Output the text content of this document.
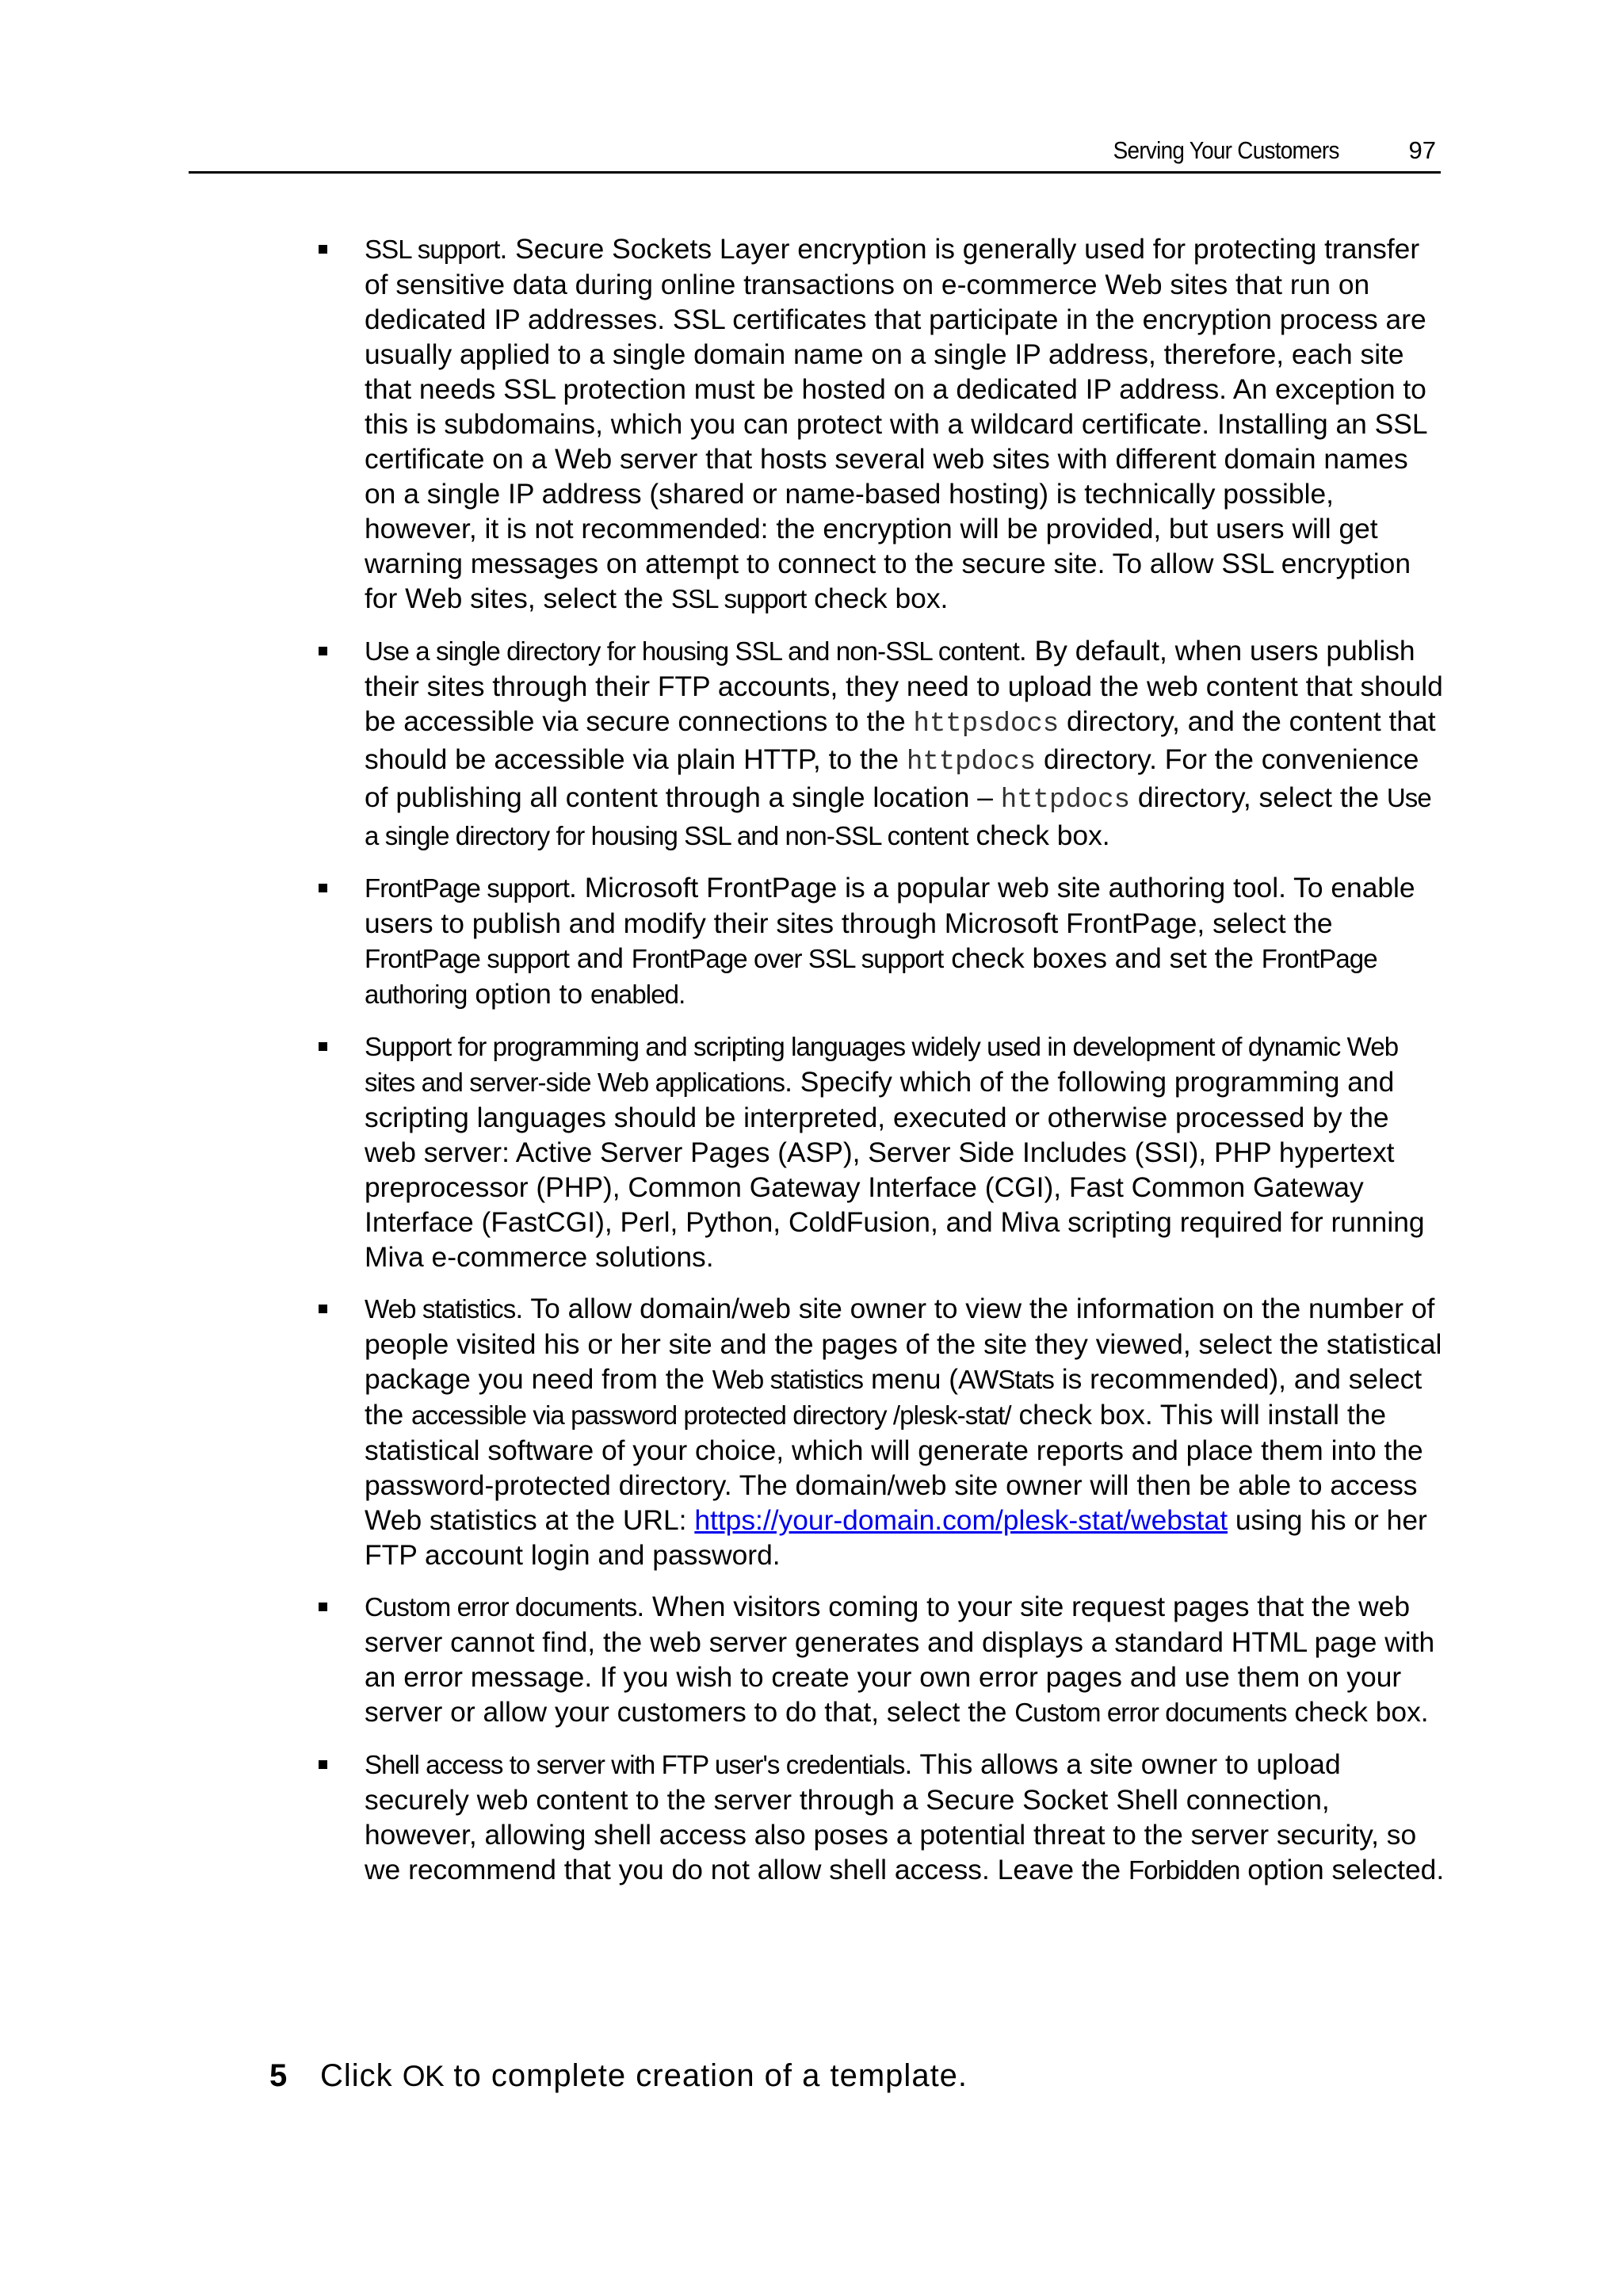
Serving Your Customers	97
SSL support. Secure Sockets Layer encryption is generally used for protecting transfer of sensitive data during online transactions on e-commerce Web sites that run on dedicated IP addresses. SSL certificates that participate in the encryption process are usually applied to a single domain name on a single IP address, therefore, each site that needs SSL protection must be hosted on a dedicated IP address. An exception to this is subdomains, which you can protect with a wildcard certificate. Installing an SSL certificate on a Web server that hosts several web sites with different domain names on a single IP address (shared or name-based hosting) is technically possible, however, it is not recommended: the encryption will be provided, but users will get warning messages on attempt to connect to the secure site. To allow SSL encryption for Web sites, select the SSL support check box.
Use a single directory for housing SSL and non-SSL content. By default, when users publish their sites through their FTP accounts, they need to upload the web content that should be accessible via secure connections to the httpsdocs directory, and the content that should be accessible via plain HTTP, to the httpdocs directory. For the convenience of publishing all content through a single location – httpdocs directory, select the Use a single directory for housing SSL and non-SSL content check box.
FrontPage support. Microsoft FrontPage is a popular web site authoring tool. To enable users to publish and modify their sites through Microsoft FrontPage, select the FrontPage support and FrontPage over SSL support check boxes and set the FrontPage authoring option to enabled.
Support for programming and scripting languages widely used in development of dynamic Web sites and server-side Web applications. Specify which of the following programming and scripting languages should be interpreted, executed or otherwise processed by the web server: Active Server Pages (ASP), Server Side Includes (SSI), PHP hypertext preprocessor (PHP), Common Gateway Interface (CGI), Fast Common Gateway Interface (FastCGI), Perl, Python, ColdFusion, and Miva scripting required for running Miva e-commerce solutions.
Web statistics. To allow domain/web site owner to view the information on the number of people visited his or her site and the pages of the site they viewed, select the statistical package you need from the Web statistics menu (AWStats is recommended), and select the accessible via password protected directory /plesk-stat/ check box. This will install the statistical software of your choice, which will generate reports and place them into the password-protected directory. The domain/web site owner will then be able to access Web statistics at the URL: https://your-domain.com/plesk-stat/webstat using his or her FTP account login and password.
Custom error documents. When visitors coming to your site request pages that the web server cannot find, the web server generates and displays a standard HTML page with an error message. If you wish to create your own error pages and use them on your server or allow your customers to do that, select the Custom error documents check box.
Shell access to server with FTP user's credentials. This allows a site owner to upload securely web content to the server through a Secure Socket Shell connection, however, allowing shell access also poses a potential threat to the server security, so we recommend that you do not allow shell access. Leave the Forbidden option selected.
5 Click OK to complete creation of a template.
